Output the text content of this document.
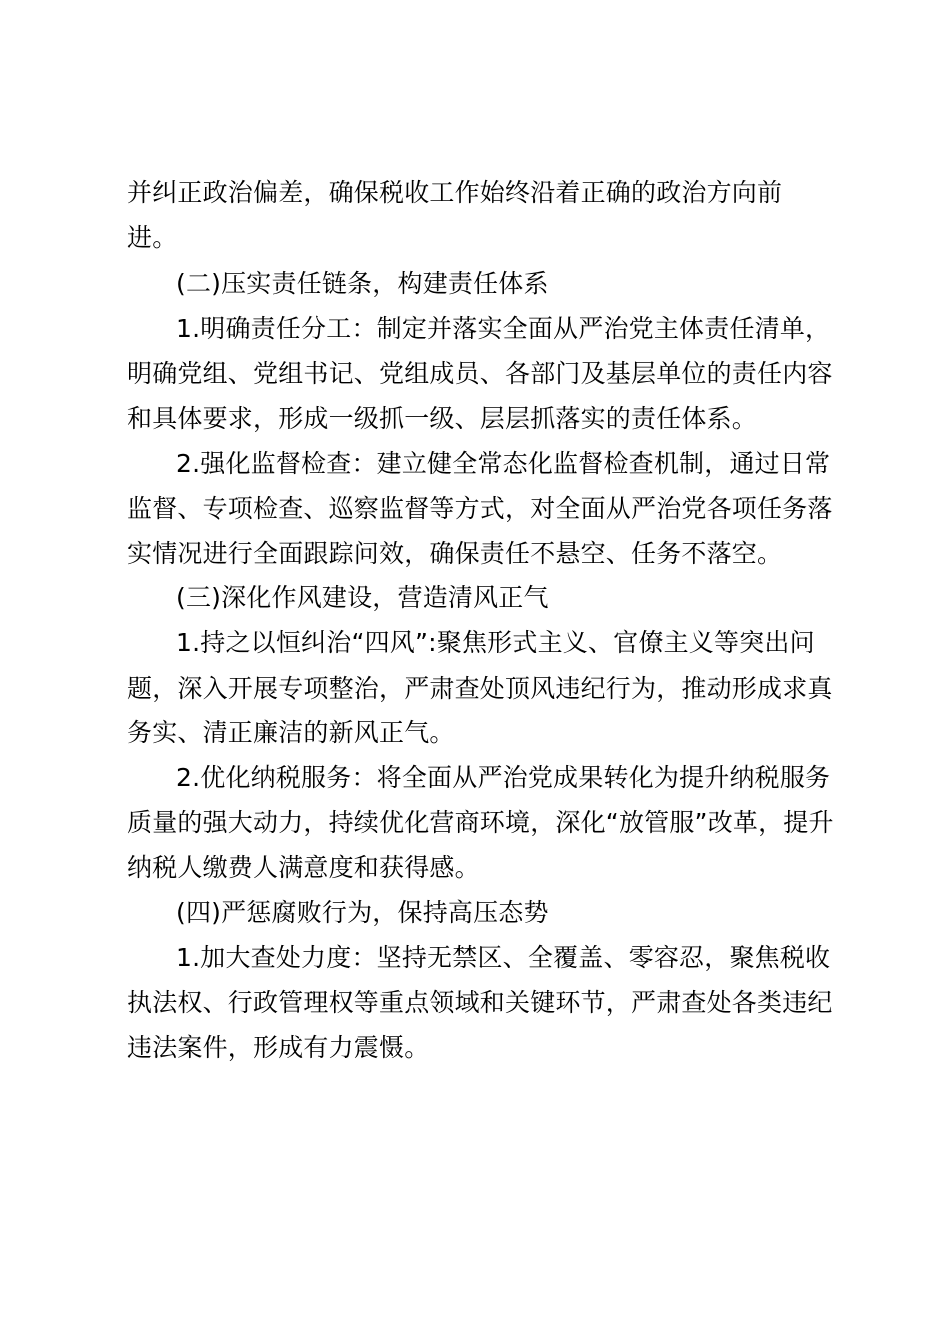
并纠正政治偏差，确保税收工作始终沿着正确的政治方向前
进。
(二)压实责任链条，构建责任体系
1.明确责任分工：制定并落实全面从严治党主体责任清单，
明确党组、党组书记、党组成员、各部门及基层单位的责任内容
和具体要求，形成一级抓一级、层层抓落实的责任体系。
2.强化监督检查：建立健全常态化监督检查机制，通过日常
监督、专项检查、巡察监督等方式，对全面从严治党各项任务落
实情况进行全面跟踪问效，确保责任不悬空、任务不落空。
(三)深化作风建设，营造清风正气
1.持之以恒纠治“四风”:聚焦形式主义、官僚主义等突出问
题，深入开展专项整治，严肃查处顶风违纪行为，推动形成求真
务实、清正廉洁的新风正气。
2.优化纳税服务：将全面从严治党成果转化为提升纳税服务
质量的强大动力，持续优化营商环境，深化“放管服”改革，提升
纳税人缴费人满意度和获得感。
(四)严惩腐败行为，保持高压态势
1.加大查处力度：坚持无禁区、全覆盖、零容忍，聚焦税收
执法权、行政管理权等重点领域和关键环节，严肃查处各类违纪
违法案件，形成有力震慑。
